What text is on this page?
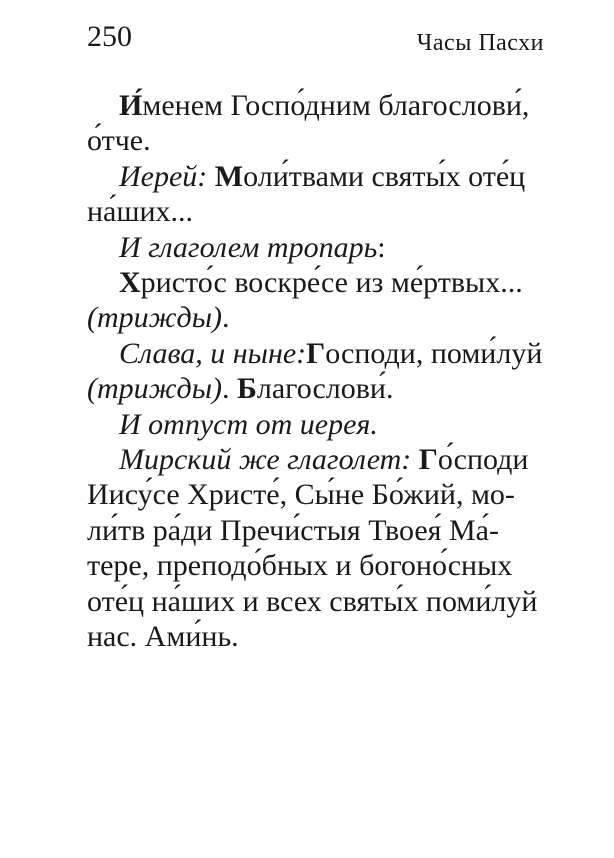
250	Часы Пасхи

И́менем Госпо́дним благослови́,
о́тче.

Иерей: Моли́твами святы́х оте́ц
на́ших...

И глаголем тропарь:

Христо́с воскре́се из ме́ртвых...
(трижды).

Слава, и ныне:Господи, поми́луй
(трижды). Благослови́.

И отпуст от иерея.

Мирский же глаголет: Го́споди
Иису́се Христе́, Сы́не Бо́жий, мо-
ли́тв ра́ди Пречи́стыя Твоея́ Ма́-
тере, преподо́бных и богоно́сных
оте́ц на́ших и всех святы́х поми́луй
нас. Ами́нь.
